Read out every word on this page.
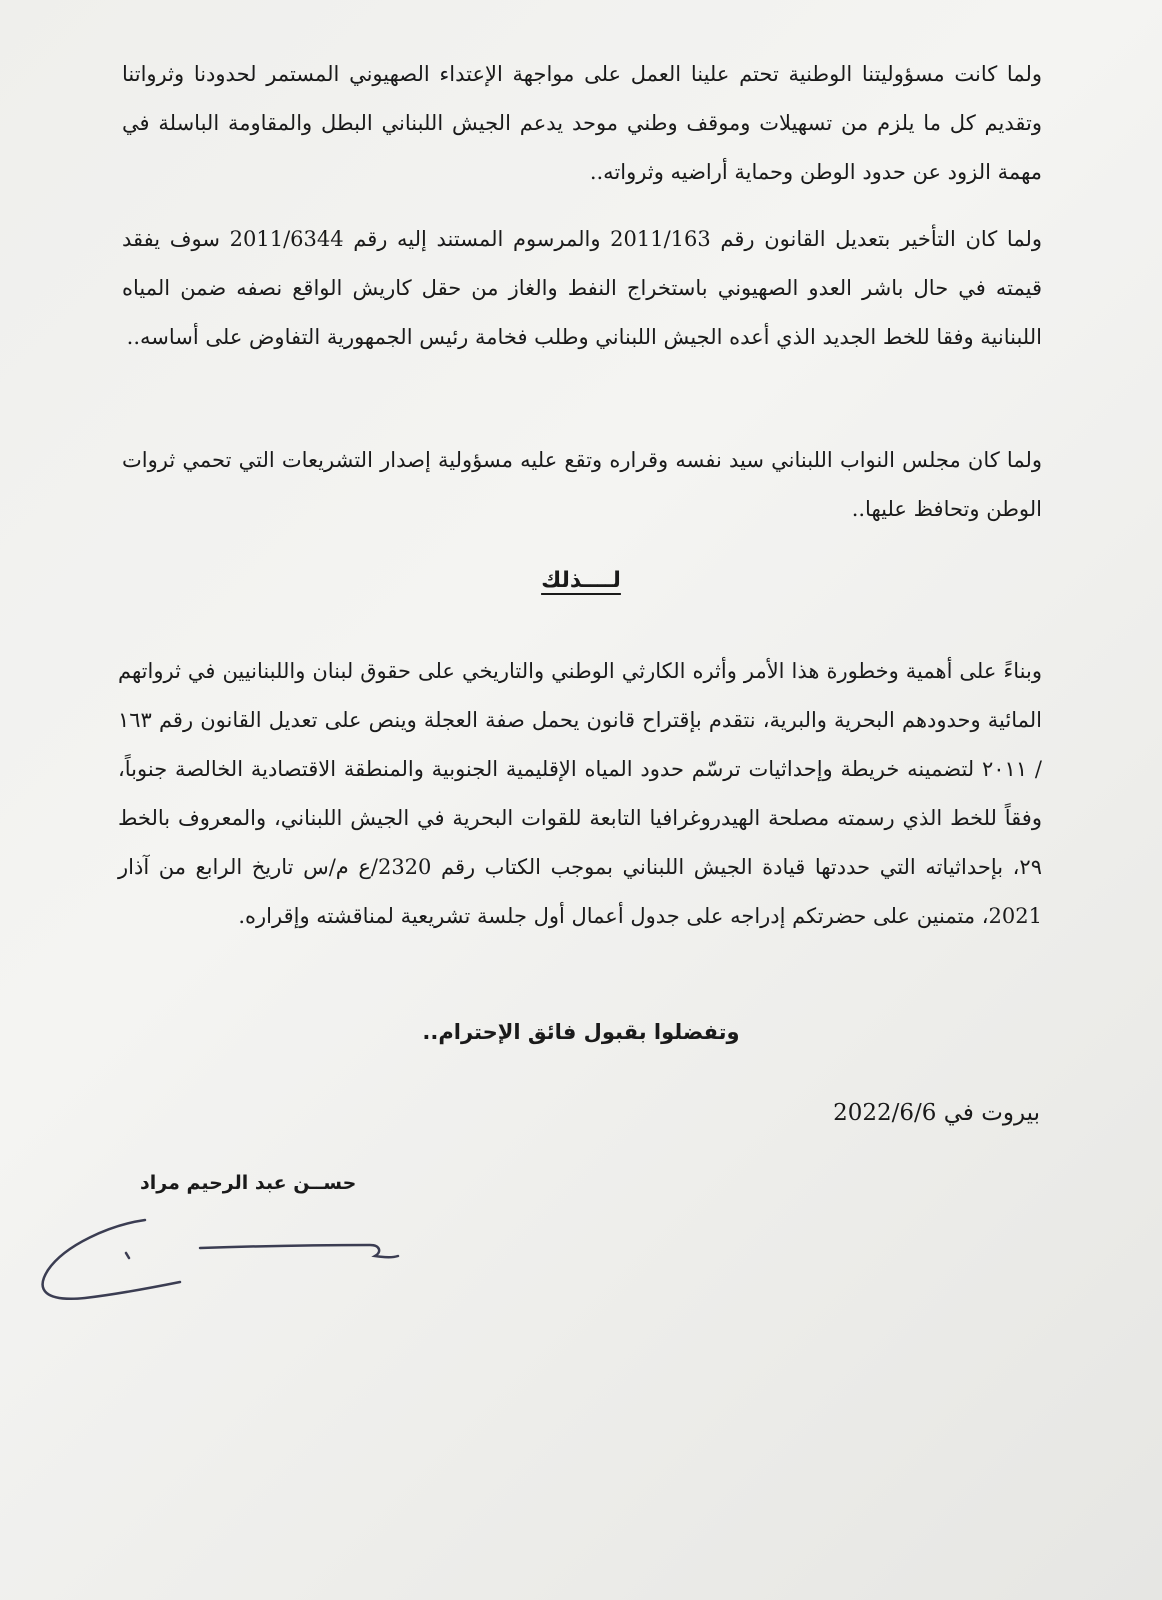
ولما كانت مسؤوليتنا الوطنية تحتم علينا العمل على مواجهة الإعتداء الصهيوني المستمر لحدودنا وثرواتنا وتقديم كل ما يلزم من تسهيلات وموقف وطني موحد يدعم الجيش اللبناني البطل والمقاومة الباسلة في مهمة الزود عن حدود الوطن وحماية أراضيه وثرواته..

ولما كان التأخير بتعديل القانون رقم 2011/163 والمرسوم المستند إليه رقم 2011/6344 سوف يفقد قيمته في حال باشر العدو الصهيوني باستخراج النفط والغاز من حقل كاريش الواقع نصفه ضمن المياه اللبنانية وفقا للخط الجديد الذي أعده الجيش اللبناني وطلب فخامة رئيس الجمهورية التفاوض على أساسه..

ولما كان مجلس النواب اللبناني سيد نفسه وقراره وتقع عليه مسؤولية إصدار التشريعات التي تحمي ثروات الوطن وتحافظ عليها..

لــــذلك

وبناءً على أهمية وخطورة هذا الأمر وأثره الكارثي الوطني والتاريخي على حقوق لبنان واللبنانيين في ثرواتهم المائية وحدودهم البحرية والبرية، نتقدم بإقتراح قانون يحمل صفة العجلة وينص على تعديل القانون رقم ١٦٣ / ٢٠١١ لتضمينه خريطة وإحداثيات ترسّم حدود المياه الإقليمية الجنوبية والمنطقة الاقتصادية الخالصة جنوباً، وفقاً للخط الذي رسمته مصلحة الهيدروغرافيا التابعة للقوات البحرية في الجيش اللبناني، والمعروف بالخط ٢٩، بإحداثياته التي حددتها قيادة الجيش اللبناني بموجب الكتاب رقم 2320/ع م/س تاريخ الرابع من آذار 2021، متمنين على حضرتكم إدراجه على جدول أعمال أول جلسة تشريعية لمناقشته وإقراره.

وتفضلوا بقبول فائق الإحترام..
بيروت في 2022/6/6
حســن عبد الرحيم مراد
